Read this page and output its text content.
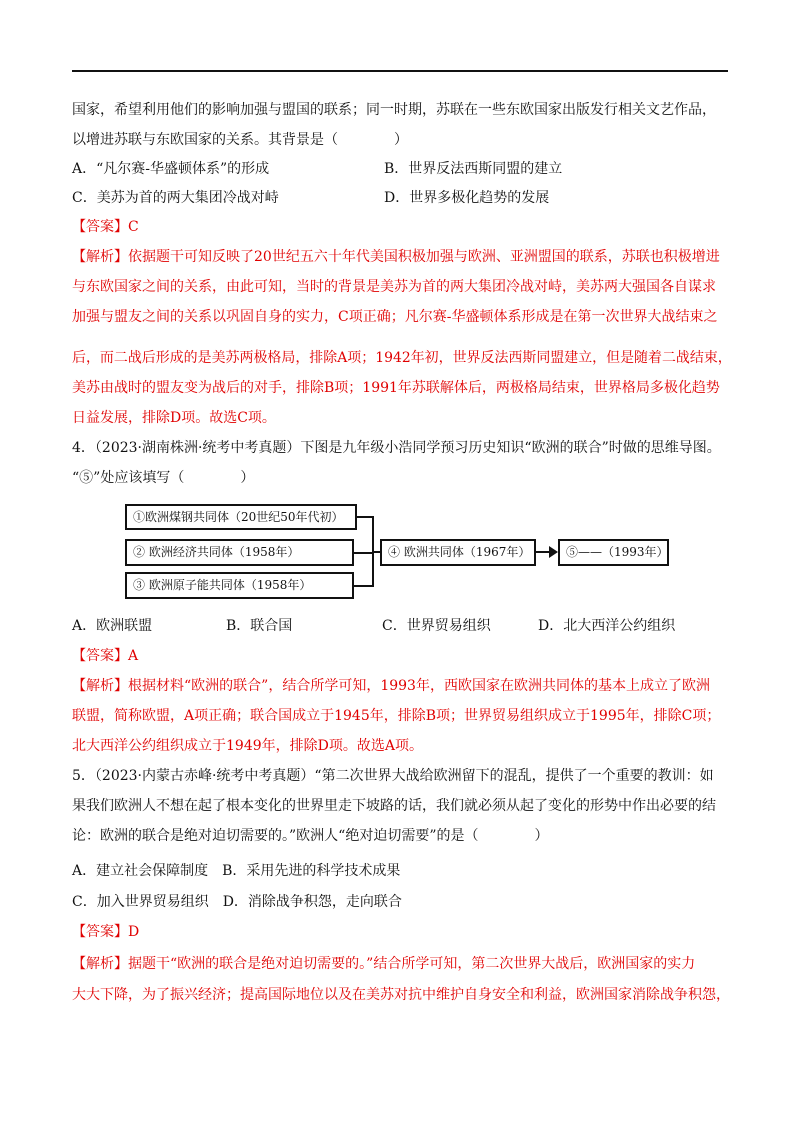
国家，希望利用他们的影响加强与盟国的联系；同一时期，苏联在一些东欧国家出版发行相关文艺作品，
以增进苏联与东欧国家的关系。其背景是（　　　　）
A．“凡尔赛-华盛顿体系”的形成	B．世界反法西斯同盟的建立
C．美苏为首的两大集团冷战对峙	D．世界多极化趋势的发展
【答案】C
【解析】依据题干可知反映了20世纪五六十年代美国积极加强与欧洲、亚洲盟国的联系，苏联也积极增进
与东欧国家之间的关系，由此可知，当时的背景是美苏为首的两大集团冷战对峙，美苏两大强国各自谋求
加强与盟友之间的关系以巩固自身的实力，C项正确；凡尔赛-华盛顿体系形成是在第一次世界大战结束之
后，而二战后形成的是美苏两极格局，排除A项；1942年初，世界反法西斯同盟建立，但是随着二战结束，
美苏由战时的盟友变为战后的对手，排除B项；1991年苏联解体后，两极格局结束，世界格局多极化趋势
日益发展，排除D项。故选C项。
4．（2023·湖南株洲·统考中考真题）下图是九年级小浩同学预习历史知识“欧洲的联合”时做的思维导图。
“⑤”处应该填写（　　　　）
①欧洲煤钢共同体（20世纪50年代初）
② 欧洲经济共同体（1958年）
③ 欧洲原子能共同体（1958年）
④ 欧洲共同体（1967年）	⑤——（1993年）
A．欧洲联盟	B．联合国	C．世界贸易组织	D．北大西洋公约组织
【答案】A
【解析】根据材料“欧洲的联合”，结合所学可知，1993年，西欧国家在欧洲共同体的基本上成立了欧洲
联盟，简称欧盟，A项正确；联合国成立于1945年，排除B项；世界贸易组织成立于1995年，排除C项；
北大西洋公约组织成立于1949年，排除D项。故选A项。
5．（2023·内蒙古赤峰·统考中考真题）“第二次世界大战给欧洲留下的混乱，提供了一个重要的教训：如
果我们欧洲人不想在起了根本变化的世界里走下坡路的话，我们就必须从起了变化的形势中作出必要的结
论：欧洲的联合是绝对迫切需要的。”欧洲人“绝对迫切需要”的是（　　　　）
A．建立社会保障制度　B．采用先进的科学技术成果
C．加入世界贸易组织　D．消除战争积怨，走向联合
【答案】D
【解析】据题干“欧洲的联合是绝对迫切需要的。”结合所学可知，第二次世界大战后，欧洲国家的实力
大大下降，为了振兴经济；提高国际地位以及在美苏对抗中维护自身安全和利益，欧洲国家消除战争积怨，
